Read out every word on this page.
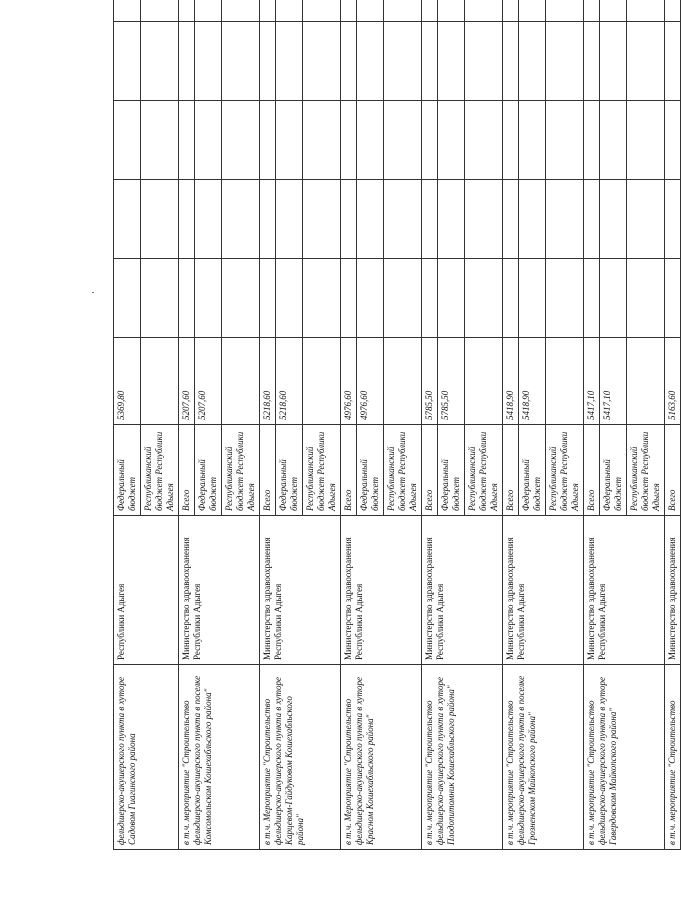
фельдшерско-акушерского пункта в хуторе Садовом Гиагинского района	Республики Адыгея	Федеральный бюджет	5369,80					
		Республиканский бюджет Республики Адыгея						
в т.ч. мероприятие "Строительство фельдшерско-акушерского пункта в поселке Комсомольском Кошехабльского района"	Министерство здравоохранения Республики Адыгея	Всего	5207,60					
		Федеральный бюджет	5207,60					
		Республиканский бюджет Республики Адыгея						
в т.ч. Мероприятие "Строительство фельдшерско-акушерского пункта в хуторе Карцевом-Гайдуковом Кошехабльского района"	Министерство здравоохранения Республики Адыгея	Всего	5218,60					
		Федеральный бюджет	5218,60					
		Республиканский бюджет Республики Адыгея						
в т.ч. Мероприятие "Строительство фельдшерско-акушерского пункта в хуторе Красном Кошехабльского района"	Министерство здравоохранения Республики Адыгея	Всего	4976,60					
		Федеральный бюджет	4976,60					
		Республиканский бюджет Республики Адыгея						
в т.ч. мероприятие "Строительство фельдшерско-акушерского пункта в хуторе Плодопитомник Кошехабльского района"	Министерство здравоохранения Республики Адыгея	Всего	5785,50					
		Федеральный бюджет	5785,50					
		Республиканский бюджет Республики Адыгея						
в т.ч. мероприятие "Строительство фельдшерско-акушерского пункта в поселке Грозненском Майкопского района"	Министерство здравоохранения Республики Адыгея	Всего	5418,90					
		Федеральный бюджет	5418,90					
		Республиканский бюджет Республики Адыгея						
в т.ч. мероприятие "Строительство фельдшерско-акушерского пункта в хуторе Гавердовском Майкопского района"	Министерство здравоохранения Республики Адыгея	Всего	5417,10					
		Федеральный бюджет	5417,10					
		Республиканский бюджет Республики Адыгея						
в т.ч. мероприятие "Строительство	Министерство здравоохранения	Всего	5163,60					
